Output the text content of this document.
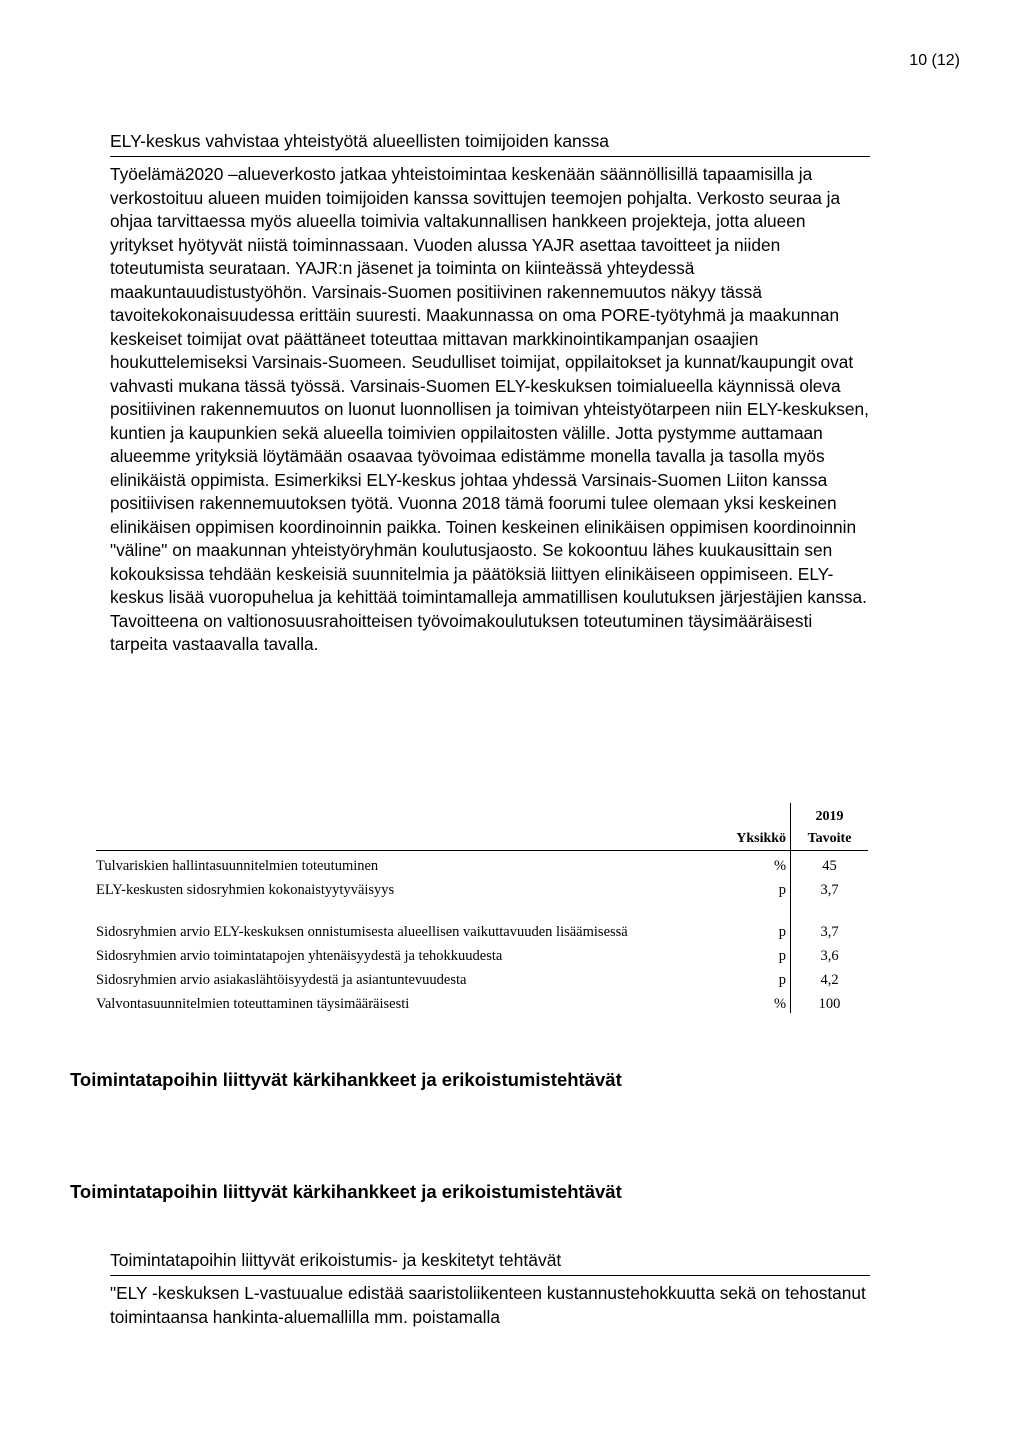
10 (12)
ELY-keskus vahvistaa yhteistyötä alueellisten toimijoiden kanssa

Työelämä2020 –alueverkosto jatkaa yhteistoimintaa keskenään säännöllisillä tapaamisilla ja verkostoituu alueen muiden toimijoiden kanssa sovittujen teemojen pohjalta. Verkosto seuraa ja ohjaa tarvittaessa myös alueella toimivia valtakunnallisen hankkeen projekteja, jotta alueen yritykset hyötyvät niistä toiminnassaan. Vuoden alussa YAJR asettaa tavoitteet ja niiden toteutumista seurataan. YAJR:n jäsenet ja toiminta on kiinteässä yhteydessä maakuntauudistustyöhön. Varsinais-Suomen positiivinen rakennemuutos näkyy tässä tavoitekokonaisuudessa erittäin suuresti. Maakunnassa on oma PORE-työtyhmä ja maakunnan keskeiset toimijat ovat päättäneet toteuttaa mittavan markkinointikampanjan osaajien houkuttelemiseksi Varsinais-Suomeen. Seudulliset toimijat, oppilaitokset ja kunnat/kaupungit ovat vahvasti mukana tässä työssä. Varsinais-Suomen ELY-keskuksen toimialueella käynnissä oleva positiivinen rakennemuutos on luonut luonnollisen ja toimivan yhteistyötarpeen niin ELY-keskuksen, kuntien ja kaupunkien sekä alueella toimivien oppilaitosten välille. Jotta pystymme auttamaan alueemme yrityksiä löytämään osaavaa työvoimaa edistämme monella tavalla ja tasolla myös elinikäistä oppimista. Esimerkiksi ELY-keskus johtaa yhdessä Varsinais-Suomen Liiton kanssa positiivisen rakennemuutoksen työtä. Vuonna 2018 tämä foorumi tulee olemaan yksi keskeinen elinikäisen oppimisen koordinoinnin paikka. Toinen keskeinen elinikäisen oppimisen koordinoinnin "väline" on maakunnan yhteistyöryhmän koulutusjaosto. Se kokoontuu lähes kuukausittain sen kokouksissa tehdään keskeisiä suunnitelmia ja päätöksiä liittyen elinikäiseen oppimiseen. ELY-keskus lisää vuoropuhelua ja kehittää toimintamalleja ammatillisen koulutuksen järjestäjien kanssa. Tavoitteena on valtionosuusrahoitteisen työvoimakoulutuksen toteutuminen täysimääräisesti tarpeita vastaavalla tavalla.

		2019
	Yksikkö	Tavoite
Tulvariskien hallintasuunnitelmien toteutuminen	%	45
ELY-keskusten sidosryhmien kokonaistyytyväisyys	p	3,7
Sidosryhmien arvio ELY-keskuksen onnistumisesta alueellisen vaikuttavuuden lisäämisessä	p	3,7
Sidosryhmien arvio toimintatapojen yhtenäisyydestä ja tehokkuudesta	p	3,6
Sidosryhmien arvio asiakaslähtöisyydestä ja asiantuntevuudesta	p	4,2
Valvontasuunnitelmien toteuttaminen täysimääräisesti	%	100
Toimintatapoihin liittyvät kärkihankkeet ja erikoistumistehtävät
Toimintatapoihin liittyvät kärkihankkeet ja erikoistumistehtävät
Toimintatapoihin liittyvät erikoistumis- ja keskitetyt tehtävät

"ELY -keskuksen L-vastuualue edistää saaristoliikenteen kustannustehokkuutta sekä on tehostanut toimintaansa hankinta-aluemallilla mm. poistamalla
